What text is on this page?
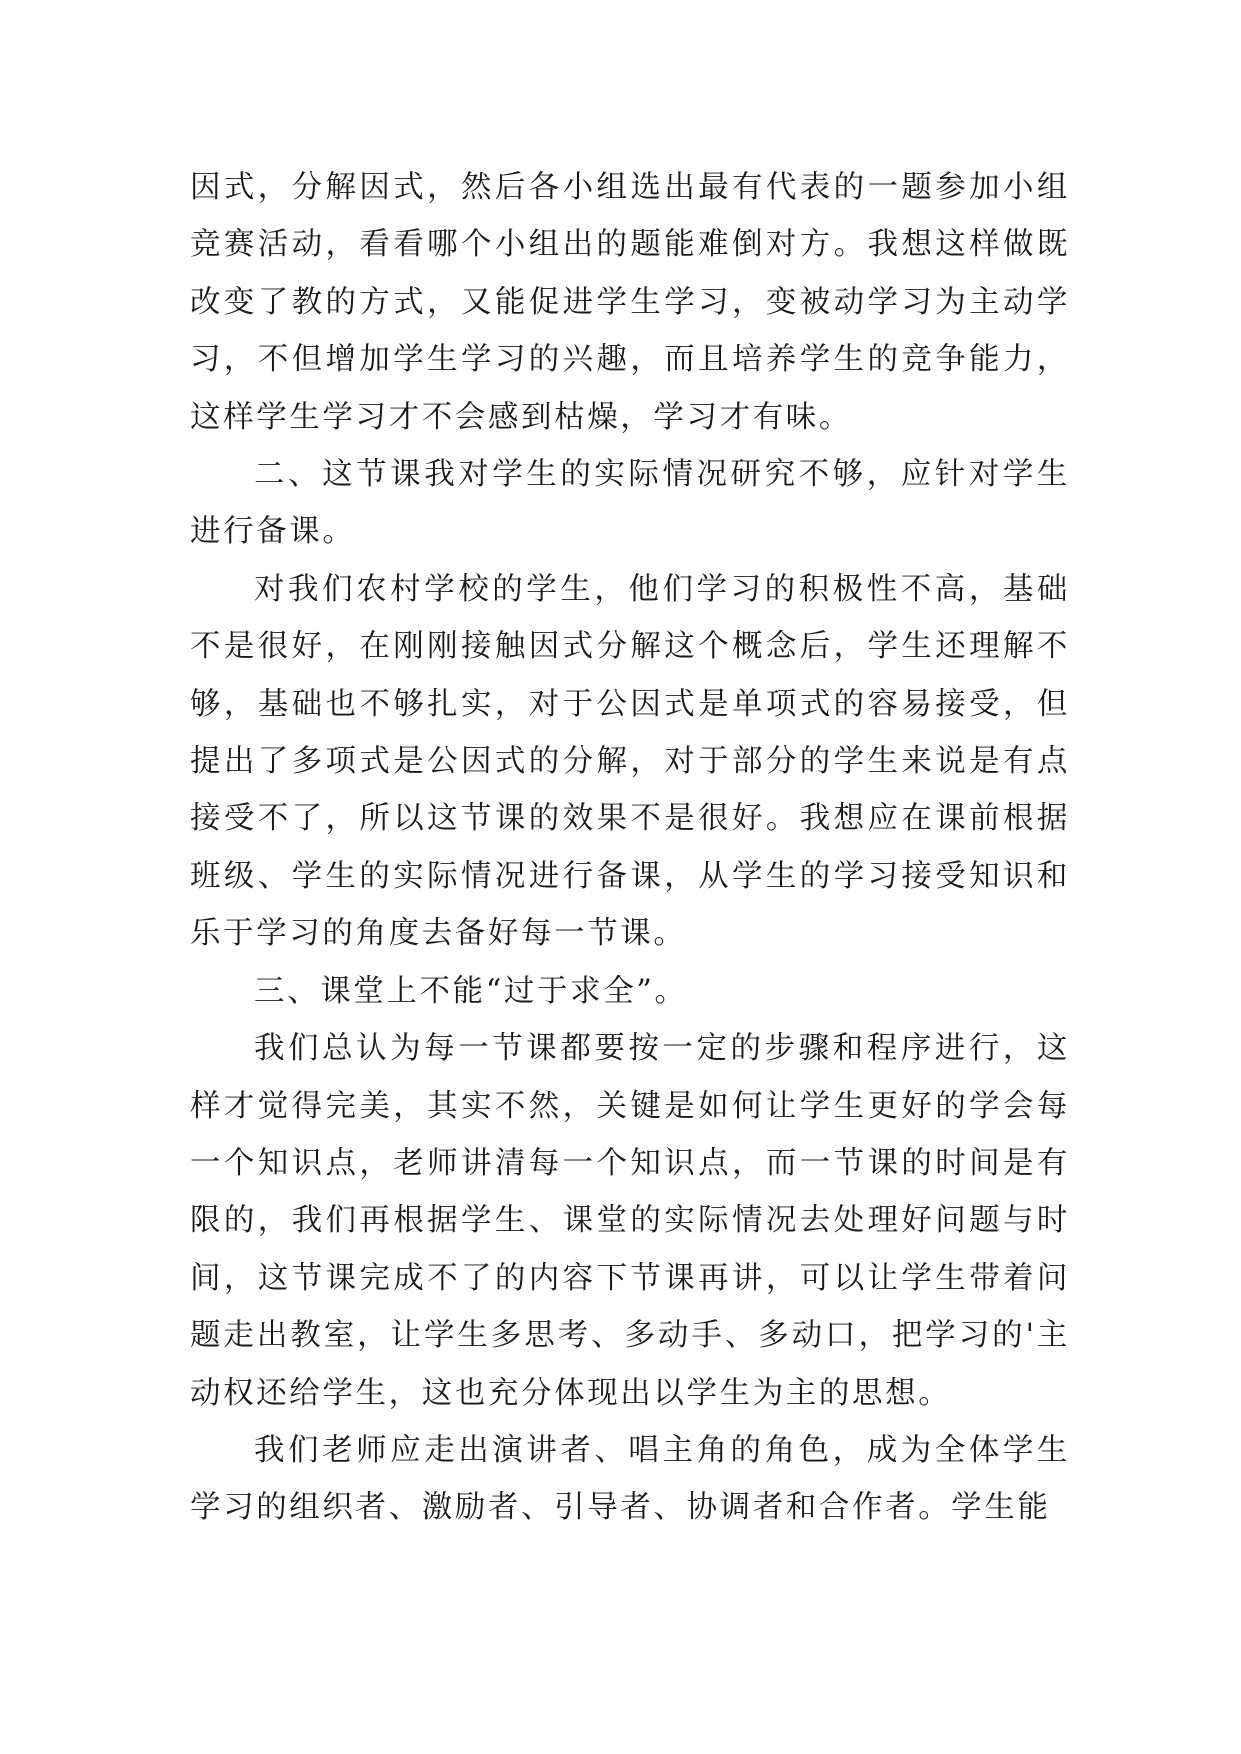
因式，分解因式，然后各小组选出最有代表的一题参加小组竞赛活动，看看哪个小组出的题能难倒对方。我想这样做既改变了教的方式，又能促进学生学习，变被动学习为主动学习，不但增加学生学习的兴趣，而且培养学生的竞争能力，这样学生学习才不会感到枯燥，学习才有味。

二、这节课我对学生的实际情况研究不够，应针对学生进行备课。

对我们农村学校的学生，他们学习的积极性不高，基础不是很好，在刚刚接触因式分解这个概念后，学生还理解不够，基础也不够扎实，对于公因式是单项式的容易接受，但提出了多项式是公因式的分解，对于部分的学生来说是有点接受不了，所以这节课的效果不是很好。我想应在课前根据班级、学生的实际情况进行备课，从学生的学习接受知识和乐于学习的角度去备好每一节课。

三、课堂上不能“过于求全”。

我们总认为每一节课都要按一定的步骤和程序进行，这样才觉得完美，其实不然，关键是如何让学生更好的学会每一个知识点，老师讲清每一个知识点，而一节课的时间是有限的，我们再根据学生、课堂的实际情况去处理好问题与时间，这节课完成不了的内容下节课再讲，可以让学生带着问题走出教室，让学生多思考、多动手、多动口，把学习的'主动权还给学生，这也充分体现出以学生为主的思想。

我们老师应走出演讲者、唱主角的角色，成为全体学生学习的组织者、激励者、引导者、协调者和合作者。学生能
